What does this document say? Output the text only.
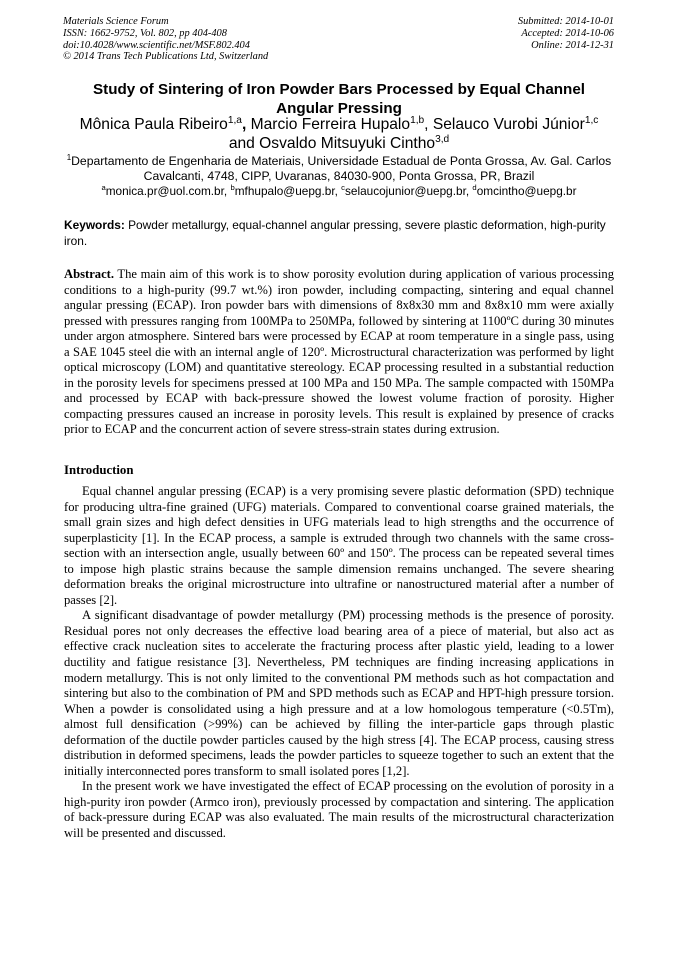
Materials Science Forum
ISSN: 1662-9752, Vol. 802, pp 404-408
doi:10.4028/www.scientific.net/MSF.802.404
© 2014 Trans Tech Publications Ltd, Switzerland
Submitted: 2014-10-01
Accepted: 2014-10-06
Online: 2014-12-31
Study of Sintering of Iron Powder Bars Processed by Equal Channel Angular Pressing
Mônica Paula Ribeiro$^{1,a}$, Marcio Ferreira Hupalo$^{1,b}$, Selauco Vurobi Júnior$^{1,c}$
and Osvaldo Mitsuyuki Cintho$^{3,d}$
$^1$Departamento de Engenharia de Materiais, Universidade Estadual de Ponta Grossa, Av. Gal. Carlos Cavalcanti, 4748, CIPP, Uvaranas, 84030-900, Ponta Grossa, PR, Brazil
$^a$monica.pr@uol.com.br, $^b$mfhupalo@uepg.br, $^c$selaucojunior@uepg.br, $^d$omcintho@uepg.br
Keywords: Powder metallurgy, equal-channel angular pressing, severe plastic deformation, high-purity iron.
Abstract. The main aim of this work is to show porosity evolution during application of various processing conditions to a high-purity (99.7 wt.%) iron powder, including compacting, sintering and equal channel angular pressing (ECAP). Iron powder bars with dimensions of 8x8x30 mm and 8x8x10 mm were axially pressed with pressures ranging from 100MPa to 250MPa, followed by sintering at 1100ºC during 30 minutes under argon atmosphere. Sintered bars were processed by ECAP at room temperature in a single pass, using a SAE 1045 steel die with an internal angle of 120º. Microstructural characterization was performed by light optical microscopy (LOM) and quantitative stereology. ECAP processing resulted in a substantial reduction in the porosity levels for specimens pressed at 100 MPa and 150 MPa. The sample compacted with 150MPa and processed by ECAP with back-pressure showed the lowest volume fraction of porosity. Higher compacting pressures caused an increase in porosity levels. This result is explained by presence of cracks prior to ECAP and the concurrent action of severe stress-strain states during extrusion.
Introduction

Equal channel angular pressing (ECAP) is a very promising severe plastic deformation (SPD) technique for producing ultra-fine grained (UFG) materials. Compared to conventional coarse grained materials, the small grain sizes and high defect densities in UFG materials lead to high strengths and the occurrence of superplasticity [1]. In the ECAP process, a sample is extruded through two channels with the same cross-section with an intersection angle, usually between 60º and 150º. The process can be repeated several times to impose high plastic strains because the sample dimension remains unchanged. The severe shearing deformation breaks the original microstructure into ultrafine or nanostructured material after a number of passes [2].

A significant disadvantage of powder metallurgy (PM) processing methods is the presence of porosity. Residual pores not only decreases the effective load bearing area of a piece of material, but also act as effective crack nucleation sites to accelerate the fracturing process after plastic yield, leading to a lower ductility and fatigue resistance [3]. Nevertheless, PM techniques are finding increasing applications in modern metallurgy. This is not only limited to the conventional PM methods such as hot compactation and sintering but also to the combination of PM and SPD methods such as ECAP and HPT-high pressure torsion. When a powder is consolidated using a high pressure and at a low homologous temperature (<0.5Tm), almost full densification (>99%) can be achieved by filling the inter-particle gaps through plastic deformation of the ductile powder particles caused by the high stress [4]. The ECAP process, causing stress distribution in deformed specimens, leads the powder particles to squeeze together to such an extent that the initially interconnected pores transform to small isolated pores [1,2].

In the present work we have investigated the effect of ECAP processing on the evolution of porosity in a high-purity iron powder (Armco iron), previously processed by compactation and sintering. The application of back-pressure during ECAP was also evaluated. The main results of the microstructural characterization will be presented and discussed.
